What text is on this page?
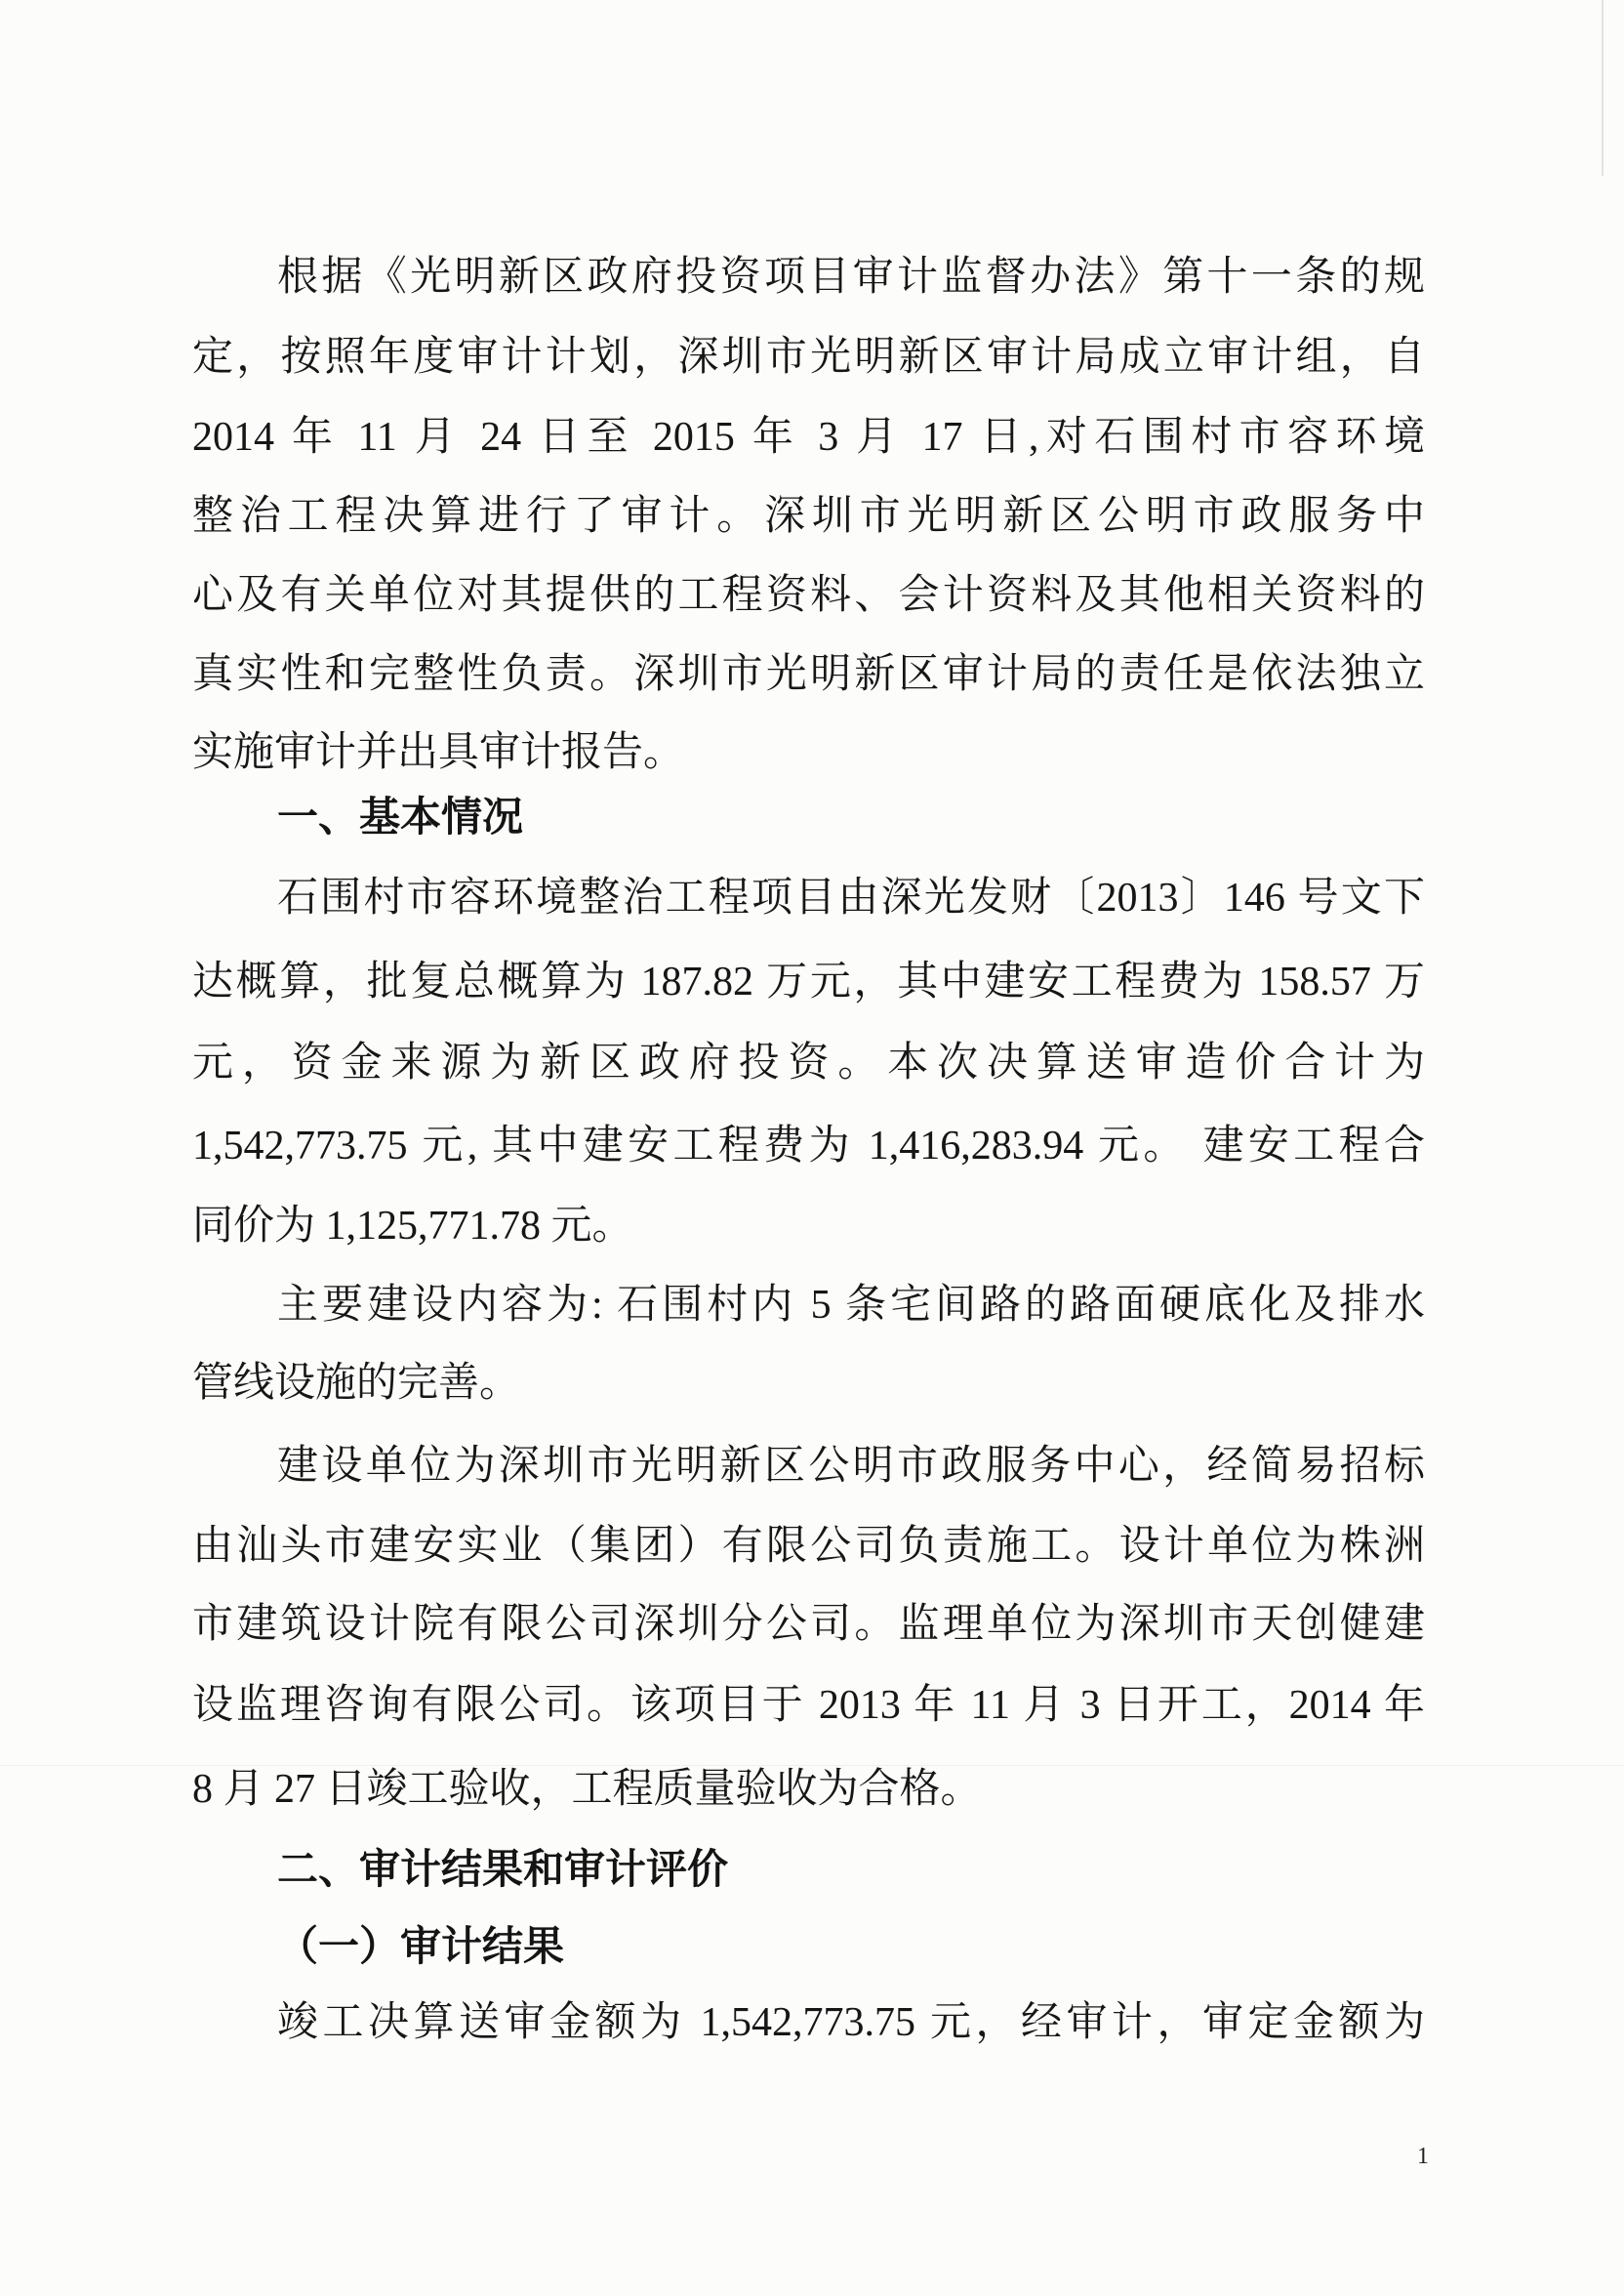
根据《光明新区政府投资项目审计监督办法》第十一条的规
定，按照年度审计计划，深圳市光明新区审计局成立审计组，自
2014 年 11 月 24 日至 2015 年 3 月 17 日,对石围村市容环境
整治工程决算进行了审计。深圳市光明新区公明市政服务中
心及有关单位对其提供的工程资料、会计资料及其他相关资料的
真实性和完整性负责。深圳市光明新区审计局的责任是依法独立
实施审计并出具审计报告。
一、基本情况
石围村市容环境整治工程项目由深光发财〔2013〕146 号文下
达概算，批复总概算为 187.82 万元，其中建安工程费为 158.57 万
元，资金来源为新区政府投资。本次决算送审造价合计为
1,542,773.75 元, 其中建安工程费为 1,416,283.94 元。 建安工程合
同价为 1,125,771.78 元。
主要建设内容为: 石围村内 5 条宅间路的路面硬底化及排水
管线设施的完善。
建设单位为深圳市光明新区公明市政服务中心，经简易招标
由汕头市建安实业（集团）有限公司负责施工。设计单位为株洲
市建筑设计院有限公司深圳分公司。监理单位为深圳市天创健建
设监理咨询有限公司。该项目于 2013 年 11 月 3 日开工，2014 年
8 月 27 日竣工验收，工程质量验收为合格。
二、审计结果和审计评价
（一）审计结果
竣工决算送审金额为 1,542,773.75 元，经审计，审定金额为
1
